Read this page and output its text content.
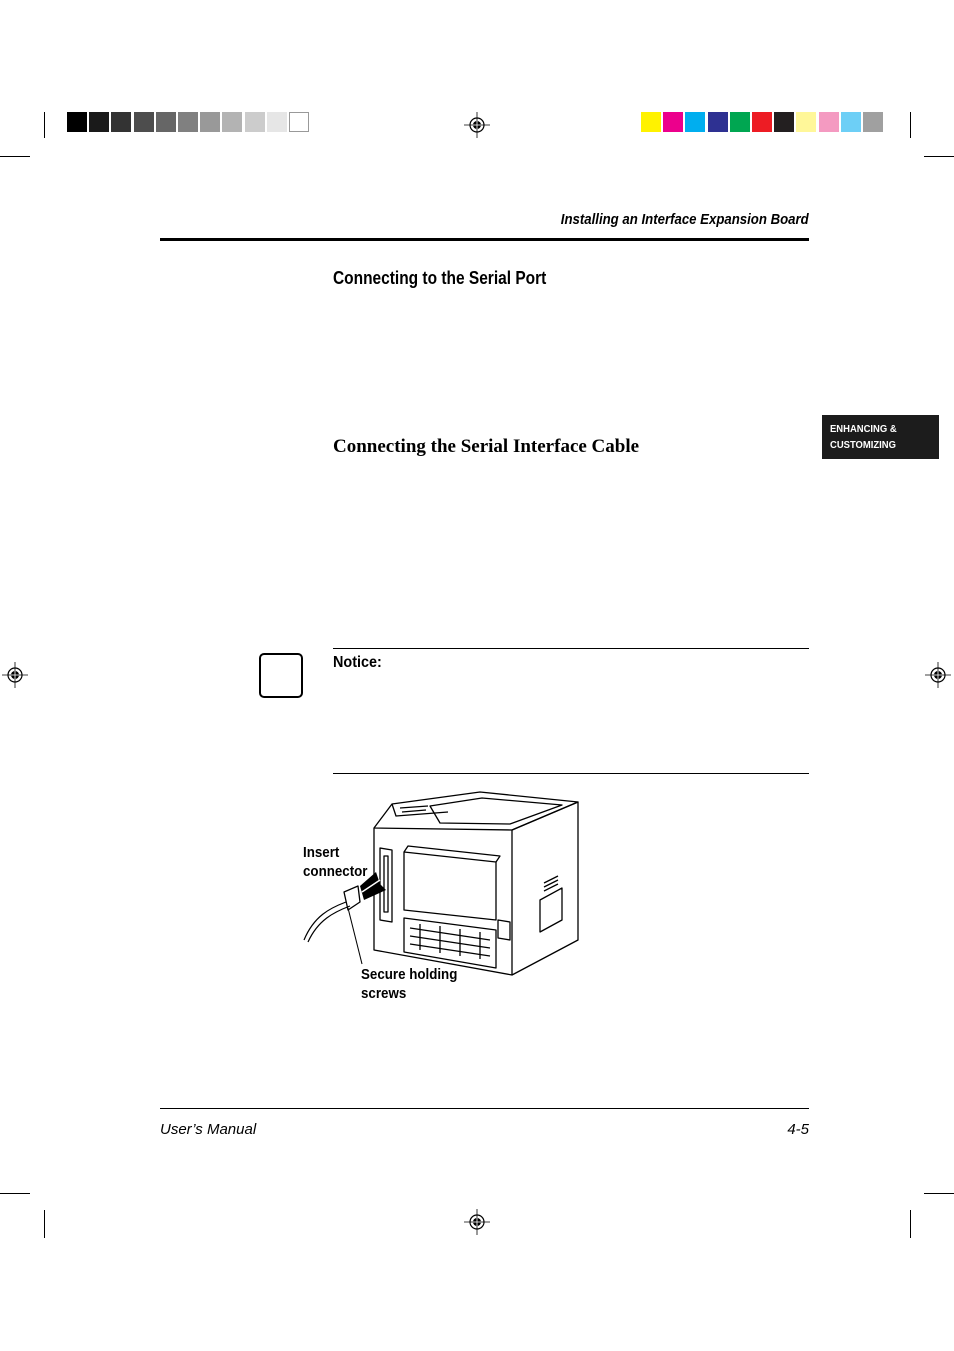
Installing an Interface Expansion Board
Connecting to the Serial Port
Connecting the Serial Interface Cable
ENHANCING &
CUSTOMIZING
Notice:
Insert
connector
Secure holding
screws
User’s Manual	4-5
